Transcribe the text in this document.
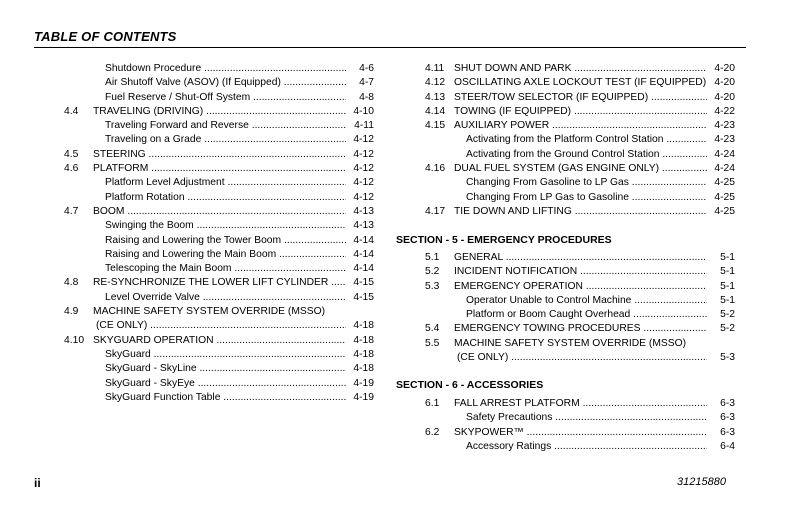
TABLE OF CONTENTS
Shutdown Procedure .....	4-6
Air Shutoff Valve (ASOV) (If Equipped) .....	4-7
Fuel Reserve / Shut-Off System .....	4-8
4.4 TRAVELING (DRIVING) .....	4-10
Traveling Forward and Reverse .....	4-11
Traveling on a Grade .....	4-12
4.5 STEERING .....	4-12
4.6 PLATFORM .....	4-12
Platform Level Adjustment .....	4-12
Platform Rotation .....	4-12
4.7 BOOM .....	4-13
Swinging the Boom .....	4-13
Raising and Lowering the Tower Boom .....	4-14
Raising and Lowering the Main Boom .....	4-14
Telescoping the Main Boom .....	4-14
4.8 RE-SYNCHRONIZE THE LOWER LIFT CYLINDER .....	4-15
Level Override Valve .....	4-15
4.9 MACHINE SAFETY SYSTEM OVERRIDE (MSSO)
(CE ONLY) .....	4-18
4.10 SKYGUARD OPERATION .....	4-18
SkyGuard .....	4-18
SkyGuard - SkyLine .....	4-18
SkyGuard - SkyEye .....	4-19
SkyGuard Function Table .....	4-19
4.11 SHUT DOWN AND PARK .....	4-20
4.12 OSCILLATING AXLE LOCKOUT TEST (IF EQUIPPED) ..... 4-20
4.13 STEER/TOW SELECTOR (IF EQUIPPED) .....	4-20
4.14 TOWING (IF EQUIPPED) .....	4-22
4.15 AUXILIARY POWER .....	4-23
Activating from the Platform Control Station .....	4-23
Activating from the Ground Control Station .....	4-24
4.16 DUAL FUEL SYSTEM (GAS ENGINE ONLY) .....	4-24
Changing From Gasoline to LP Gas .....	4-25
Changing From LP Gas to Gasoline .....	4-25
4.17 TIE DOWN AND LIFTING .....	4-25
SECTION - 5 - EMERGENCY PROCEDURES
5.1 GENERAL .....	5-1
5.2 INCIDENT NOTIFICATION .....	5-1
5.3 EMERGENCY OPERATION .....	5-1
Operator Unable to Control Machine .....	5-1
Platform or Boom Caught Overhead .....	5-2
5.4 EMERGENCY TOWING PROCEDURES .....	5-2
5.5 MACHINE SAFETY SYSTEM OVERRIDE (MSSO)
(CE ONLY) .....	5-3
SECTION - 6 - ACCESSORIES
6.1 FALL ARREST PLATFORM .....	6-3
Safety Precautions .....	6-3
6.2 SKYPOWER™ .....	6-3
Accessory Ratings .....	6-4
ii	31215880
